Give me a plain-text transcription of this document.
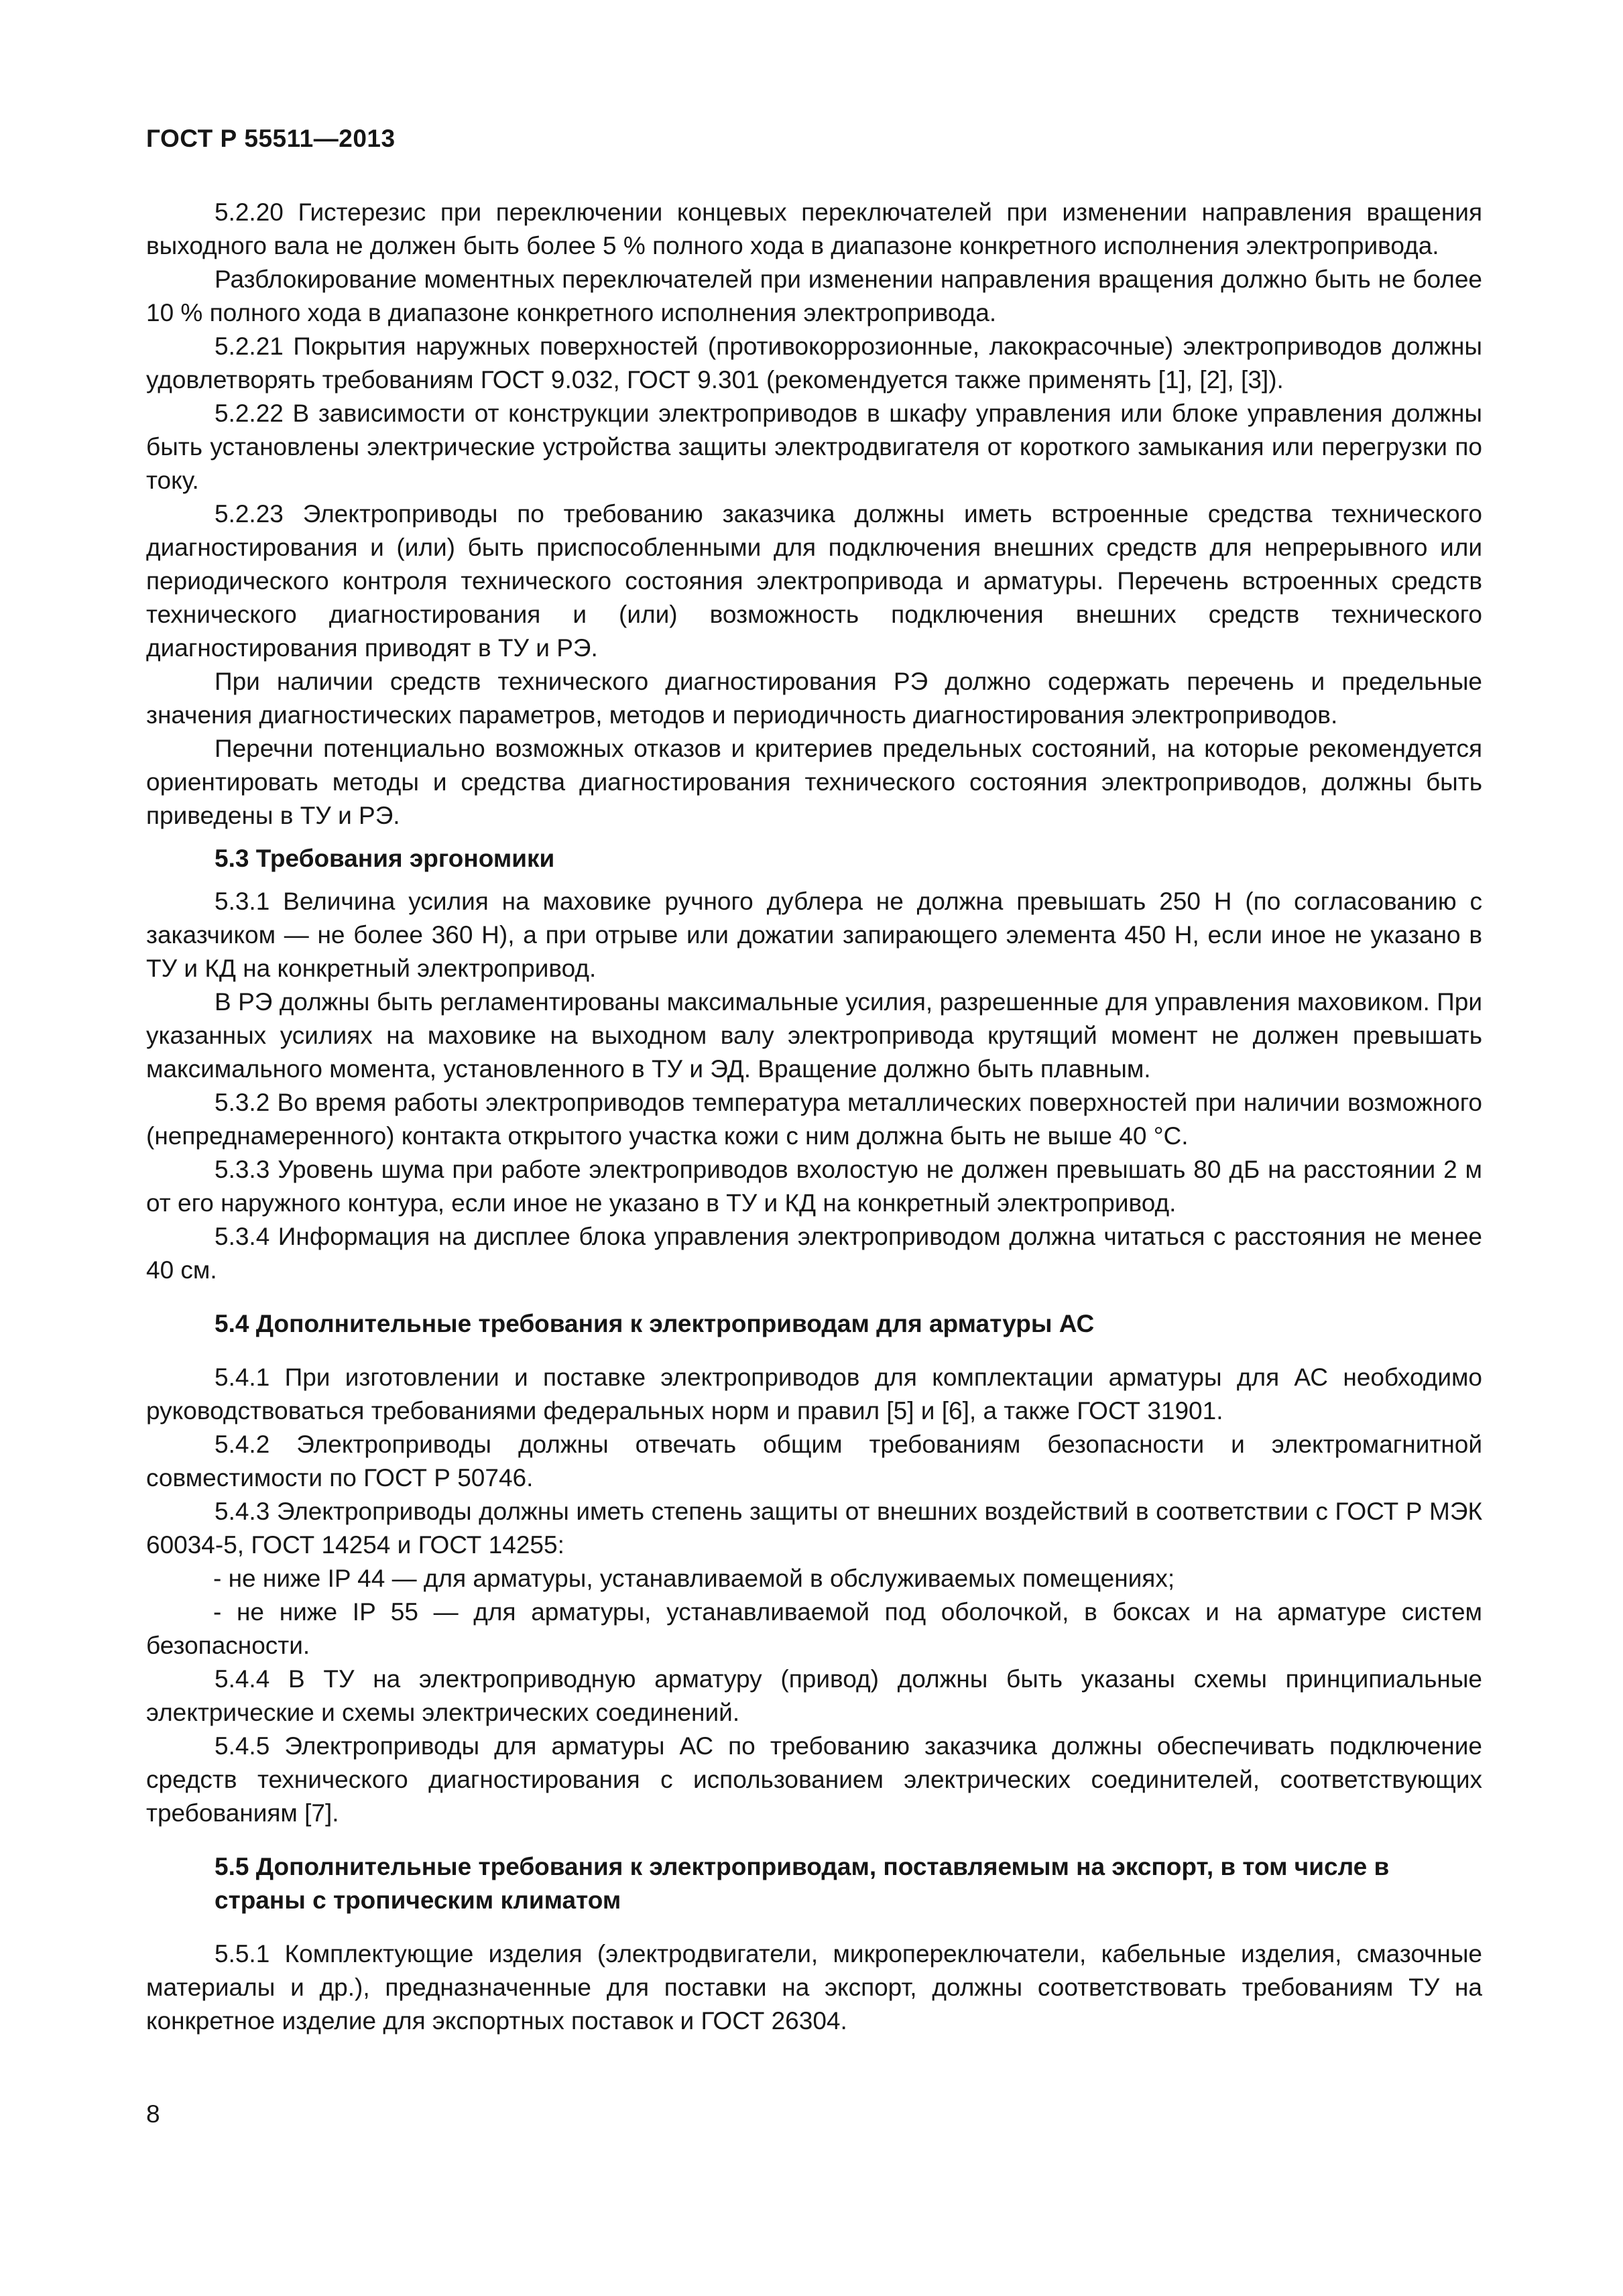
ГОСТ Р 55511—2013

5.2.20 Гистерезис при переключении концевых переключателей при изменении направления вращения выходного вала не должен быть более 5 % полного хода в диапазоне конкретного исполнения электропривода.

Разблокирование моментных переключателей при изменении направления вращения должно быть не более 10 % полного хода в диапазоне конкретного исполнения электропривода.

5.2.21 Покрытия наружных поверхностей (противокоррозионные, лакокрасочные) электроприводов должны удовлетворять требованиям ГОСТ 9.032, ГОСТ 9.301 (рекомендуется также применять [1], [2], [3]).

5.2.22 В зависимости от конструкции электроприводов в шкафу управления или блоке управления должны быть установлены электрические устройства защиты электродвигателя от короткого замыкания или перегрузки по току.

5.2.23 Электроприводы по требованию заказчика должны иметь встроенные средства технического диагностирования и (или) быть приспособленными для подключения внешних средств для непрерывного или периодического контроля технического состояния электропривода и арматуры. Перечень встроенных средств технического диагностирования и (или) возможность подключения внешних средств технического диагностирования приводят в ТУ и РЭ.

При наличии средств технического диагностирования РЭ должно содержать перечень и предельные значения диагностических параметров, методов и периодичность диагностирования электроприводов.

Перечни потенциально возможных отказов и критериев предельных состояний, на которые рекомендуется ориентировать методы и средства диагностирования технического состояния электроприводов, должны быть приведены в ТУ и РЭ.

5.3 Требования эргономики

5.3.1 Величина усилия на маховике ручного дублера не должна превышать 250 Н (по согласованию с заказчиком — не более 360 Н), а при отрыве или дожатии запирающего элемента 450 Н, если иное не указано в ТУ и КД на конкретный электропривод.

В РЭ должны быть регламентированы максимальные усилия, разрешенные для управления маховиком. При указанных усилиях на маховике на выходном валу электропривода крутящий момент не должен превышать максимального момента, установленного в ТУ и ЭД. Вращение должно быть плавным.

5.3.2 Во время работы электроприводов температура металлических поверхностей при наличии возможного (непреднамеренного) контакта открытого участка кожи с ним должна быть не выше 40 °С.

5.3.3 Уровень шума при работе электроприводов вхолостую не должен превышать 80 дБ на расстоянии 2 м от его наружного контура, если иное не указано в ТУ и КД на конкретный электропривод.

5.3.4 Информация на дисплее блока управления электроприводом должна читаться с расстояния не менее 40 см.

5.4 Дополнительные требования к электроприводам для арматуры АС

5.4.1 При изготовлении и поставке электроприводов для комплектации арматуры для АС необходимо руководствоваться требованиями федеральных норм и правил [5] и [6], а также ГОСТ 31901.

5.4.2 Электроприводы должны отвечать общим требованиям безопасности и электромагнитной совместимости по ГОСТ Р 50746.

5.4.3 Электроприводы должны иметь степень защиты от внешних воздействий в соответствии с ГОСТ Р МЭК 60034-5, ГОСТ 14254 и ГОСТ 14255:

- не ниже IP 44 — для арматуры, устанавливаемой в обслуживаемых помещениях;

- не ниже IP 55 — для арматуры, устанавливаемой под оболочкой, в боксах и на арматуре систем безопасности.

5.4.4 В ТУ на электроприводную арматуру (привод) должны быть указаны схемы принципиальные электрические и схемы электрических соединений.

5.4.5 Электроприводы для арматуры АС по требованию заказчика должны обеспечивать подключение средств технического диагностирования с использованием электрических соединителей, соответствующих требованиям [7].

5.5 Дополнительные требования к электроприводам, поставляемым на экспорт, в том числе в страны с тропическим климатом

5.5.1 Комплектующие изделия (электродвигатели, микропереключатели, кабельные изделия, смазочные материалы и др.), предназначенные для поставки на экспорт, должны соответствовать требованиям ТУ на конкретное изделие для экспортных поставок и ГОСТ 26304.

8
